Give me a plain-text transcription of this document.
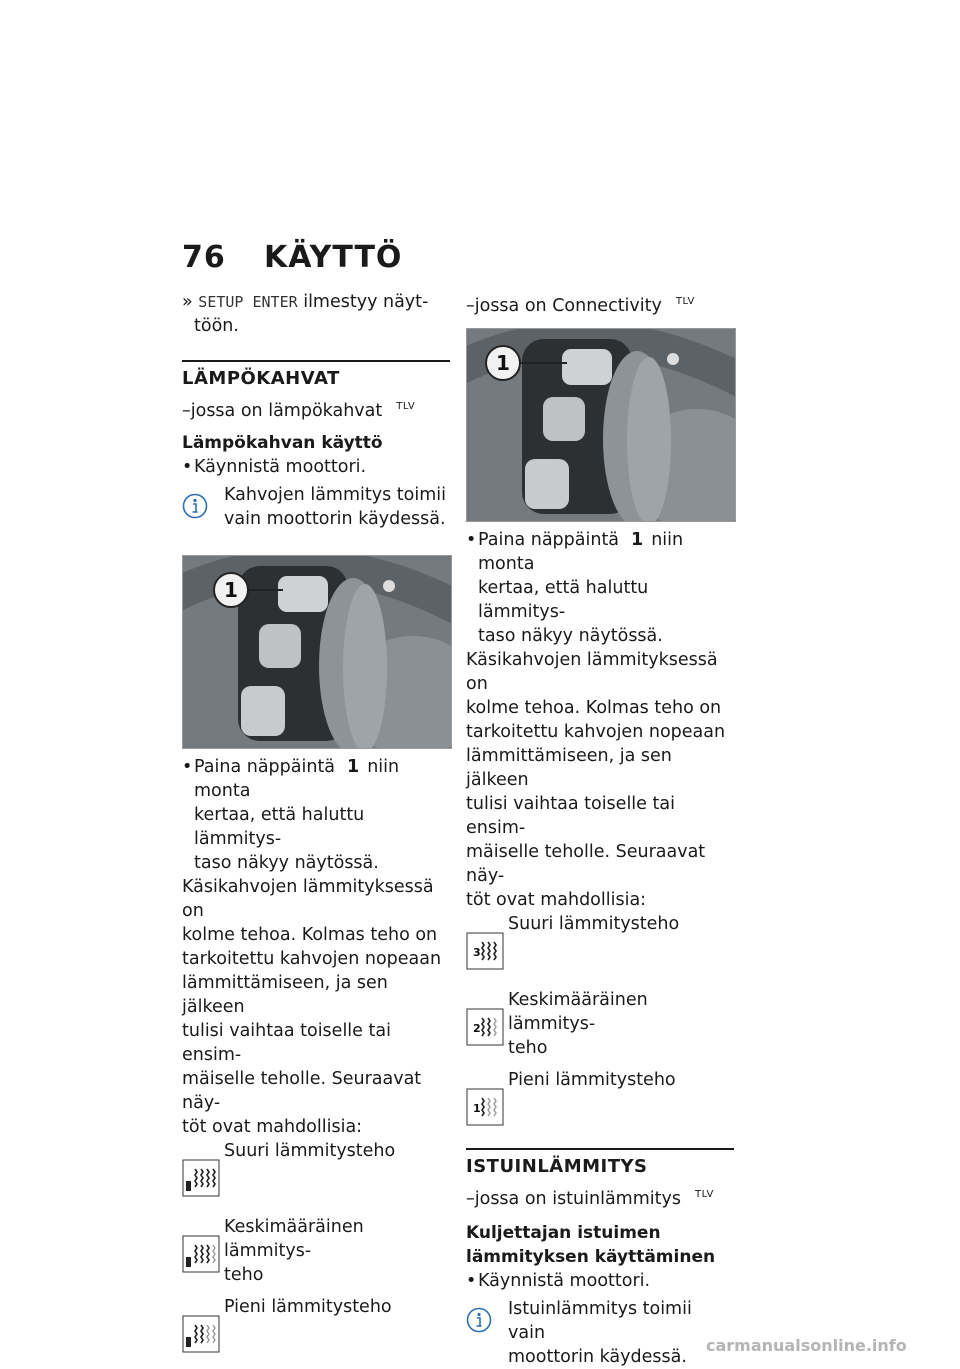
76 KÄYTTÖ
» SETUP ENTER ilmestyy näyt-
töön.
LÄMPÖKAHVAT
–jossa on lämpökahvat $^{TLV}$
Lämpökahvan käyttö
• Käynnistä moottori.
Kahvojen lämmitys toimii
vain moottorin käydessä.
1
• Paina näppäintä 1 niin monta
kertaa, että haluttu lämmitys-
taso näkyy näytössä.
Käsikahvojen lämmityksessä on
kolme tehoa. Kolmas teho on
tarkoitettu kahvojen nopeaan
lämmittämiseen, ja sen jälkeen
tulisi vaihtaa toiselle tai ensim-
mäiselle teholle. Seuraavat näy-
töt ovat mahdollisia:
Suuri lämmitysteho
Keskimääräinen lämmitys-
teho
Pieni lämmitysteho
–jossa on Connectivity $^{TLV}$
1
• Paina näppäintä 1 niin monta
kertaa, että haluttu lämmitys-
taso näkyy näytössä.
Käsikahvojen lämmityksessä on
kolme tehoa. Kolmas teho on
tarkoitettu kahvojen nopeaan
lämmittämiseen, ja sen jälkeen
tulisi vaihtaa toiselle tai ensim-
mäiselle teholle. Seuraavat näy-
töt ovat mahdollisia:
3
Suuri lämmitysteho
2
Keskimääräinen lämmitys-
teho
1
Pieni lämmitysteho
ISTUINLÄMMITYS
–jossa on istuinlämmitys $^{TLV}$
Kuljettajan istuimen
lämmityksen käyttäminen
• Käynnistä moottori.
Istuinlämmitys toimii vain
moottorin käydessä.
carmanualsonline.info
